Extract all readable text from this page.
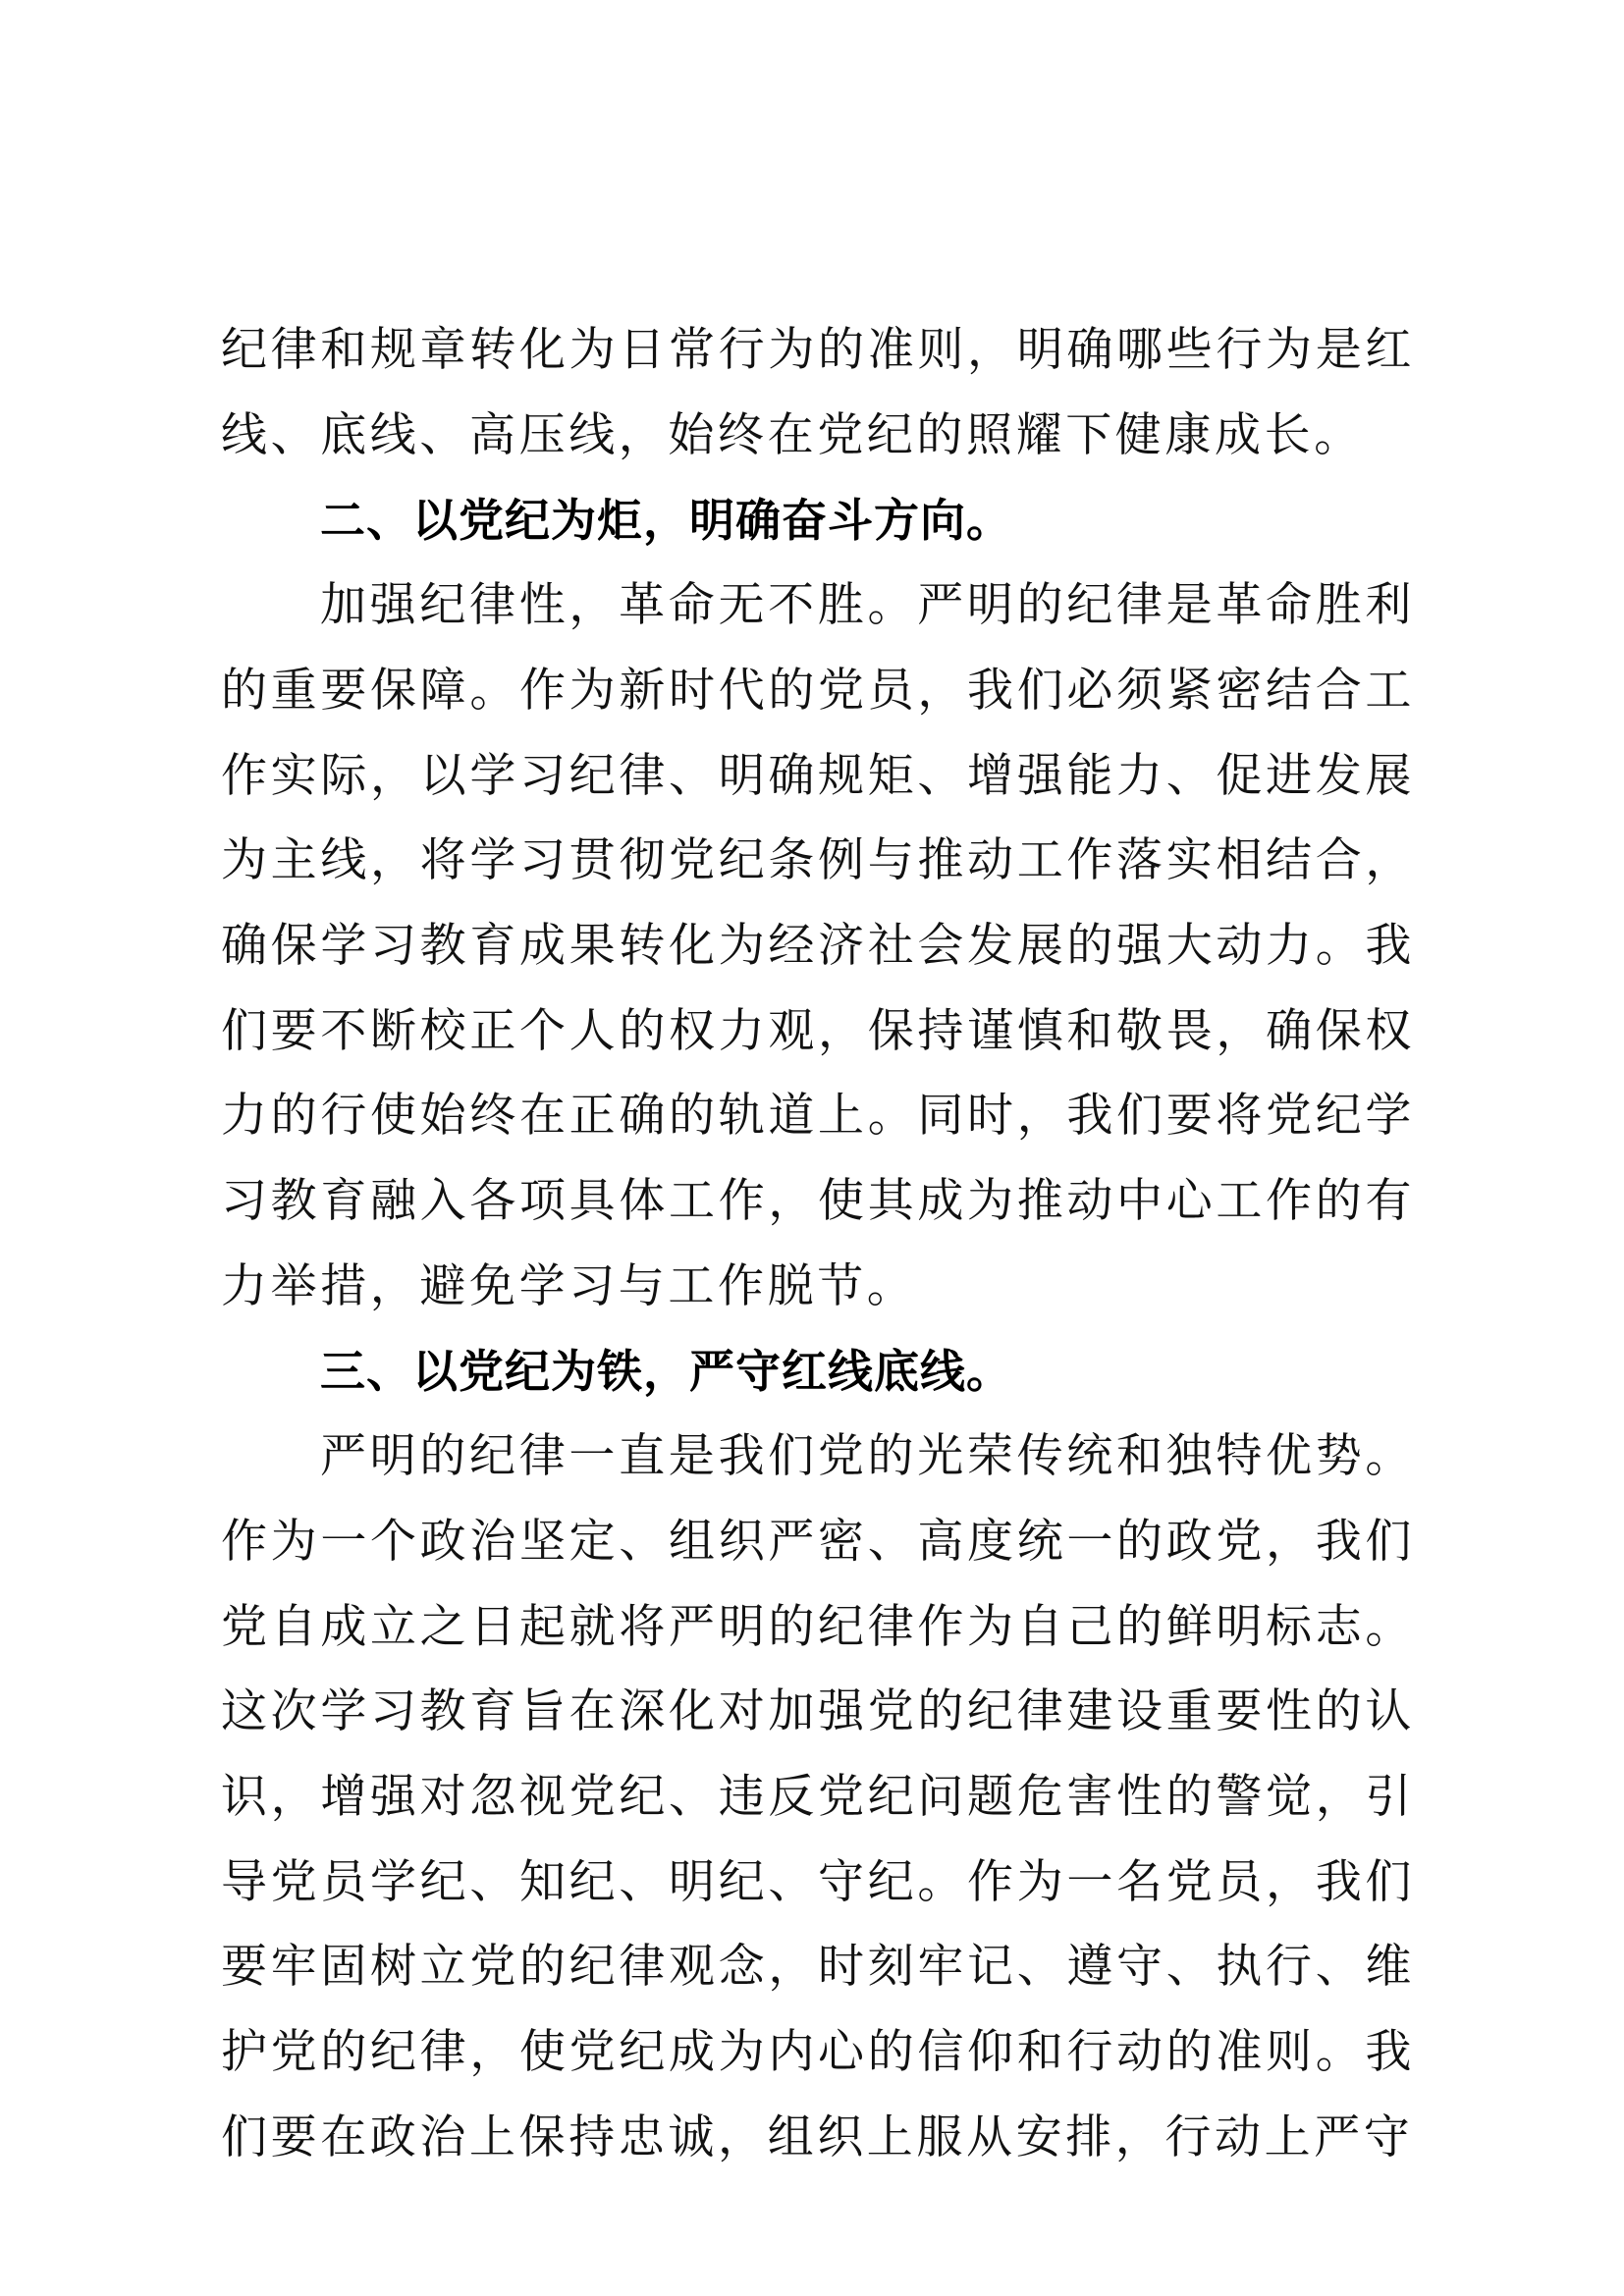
纪律和规章转化为日常行为的准则，明确哪些行为是红线、底线、高压线，始终在党纪的照耀下健康成长。

二、以党纪为炬，明确奋斗方向。

加强纪律性，革命无不胜。严明的纪律是革命胜利的重要保障。作为新时代的党员，我们必须紧密结合工作实际，以学习纪律、明确规矩、增强能力、促进发展为主线，将学习贯彻党纪条例与推动工作落实相结合，确保学习教育成果转化为经济社会发展的强大动力。我们要不断校正个人的权力观，保持谨慎和敬畏，确保权力的行使始终在正确的轨道上。同时，我们要将党纪学习教育融入各项具体工作，使其成为推动中心工作的有力举措，避免学习与工作脱节。

三、以党纪为铁，严守红线底线。

严明的纪律一直是我们党的光荣传统和独特优势。作为一个政治坚定、组织严密、高度统一的政党，我们党自成立之日起就将严明的纪律作为自己的鲜明标志。这次学习教育旨在深化对加强党的纪律建设重要性的认识，增强对忽视党纪、违反党纪问题危害性的警觉，引导党员学纪、知纪、明纪、守纪。作为一名党员，我们要牢固树立党的纪律观念，时刻牢记、遵守、执行、维护党的纪律，使党纪成为内心的信仰和行动的准则。我们要在政治上保持忠诚，组织上服从安排，行动上严守
